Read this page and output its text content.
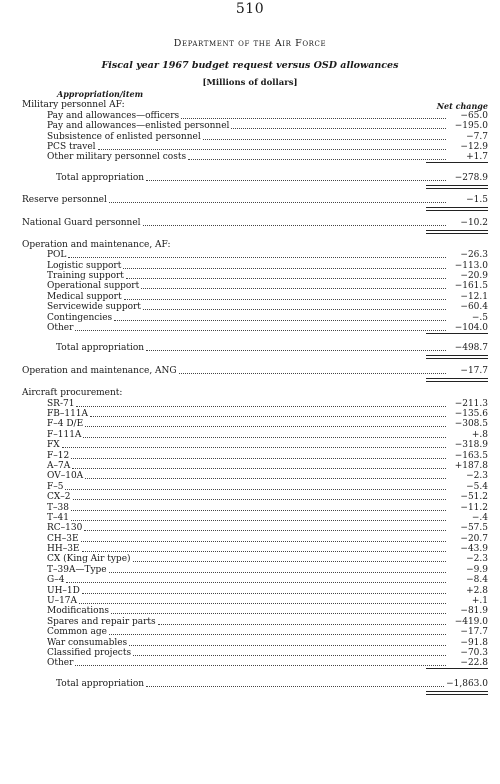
510
Department of the Air Force
Fiscal year 1967 budget request versus OSD allowances
[Millions of dollars]
Appropriation/item
Net change
Military personnel AF:
Pay and allowances—officers	−65.0
Pay and allowances—enlisted personnel	−195.0
Subsistence of enlisted personnel	−7.7
PCS travel	−12.9
Other military personnel costs	+1.7
Total appropriation	−278.9
Reserve personnel	−1.5
National Guard personnel	−10.2
Operation and maintenance, AF:
POL	−26.3
Logistic support	−113.0
Training support	−20.9
Operational support	−161.5
Medical support	−12.1
Servicewide support	−60.4
Contingencies	−.5
Other	−104.0
Total appropriation	−498.7
Operation and maintenance, ANG	−17.7
Aircraft procurement:
SR‑71	−211.3
FB–111A	−135.6
F–4 D/E	−308.5
F–111A	+.8
FX	−318.9
F–12	−163.5
A–7A	+187.8
OV–10A	−2.3
F–5	−5.4
CX–2	−51.2
T–38	−11.2
T–41	−.4
RC–130	−57.5
CH–3E	−20.7
HH–3E	−43.9
CX (King Air type)	−2.3
T–39A—Type	−9.9
G–4	−8.4
UH–1D	+2.8
U–17A	+.1
Modifications	−81.9
Spares and repair parts	−419.0
Common age	−17.7
War consumables	−91.8
Classified projects	−70.3
Other	−22.8
Total appropriation	−1,863.0
